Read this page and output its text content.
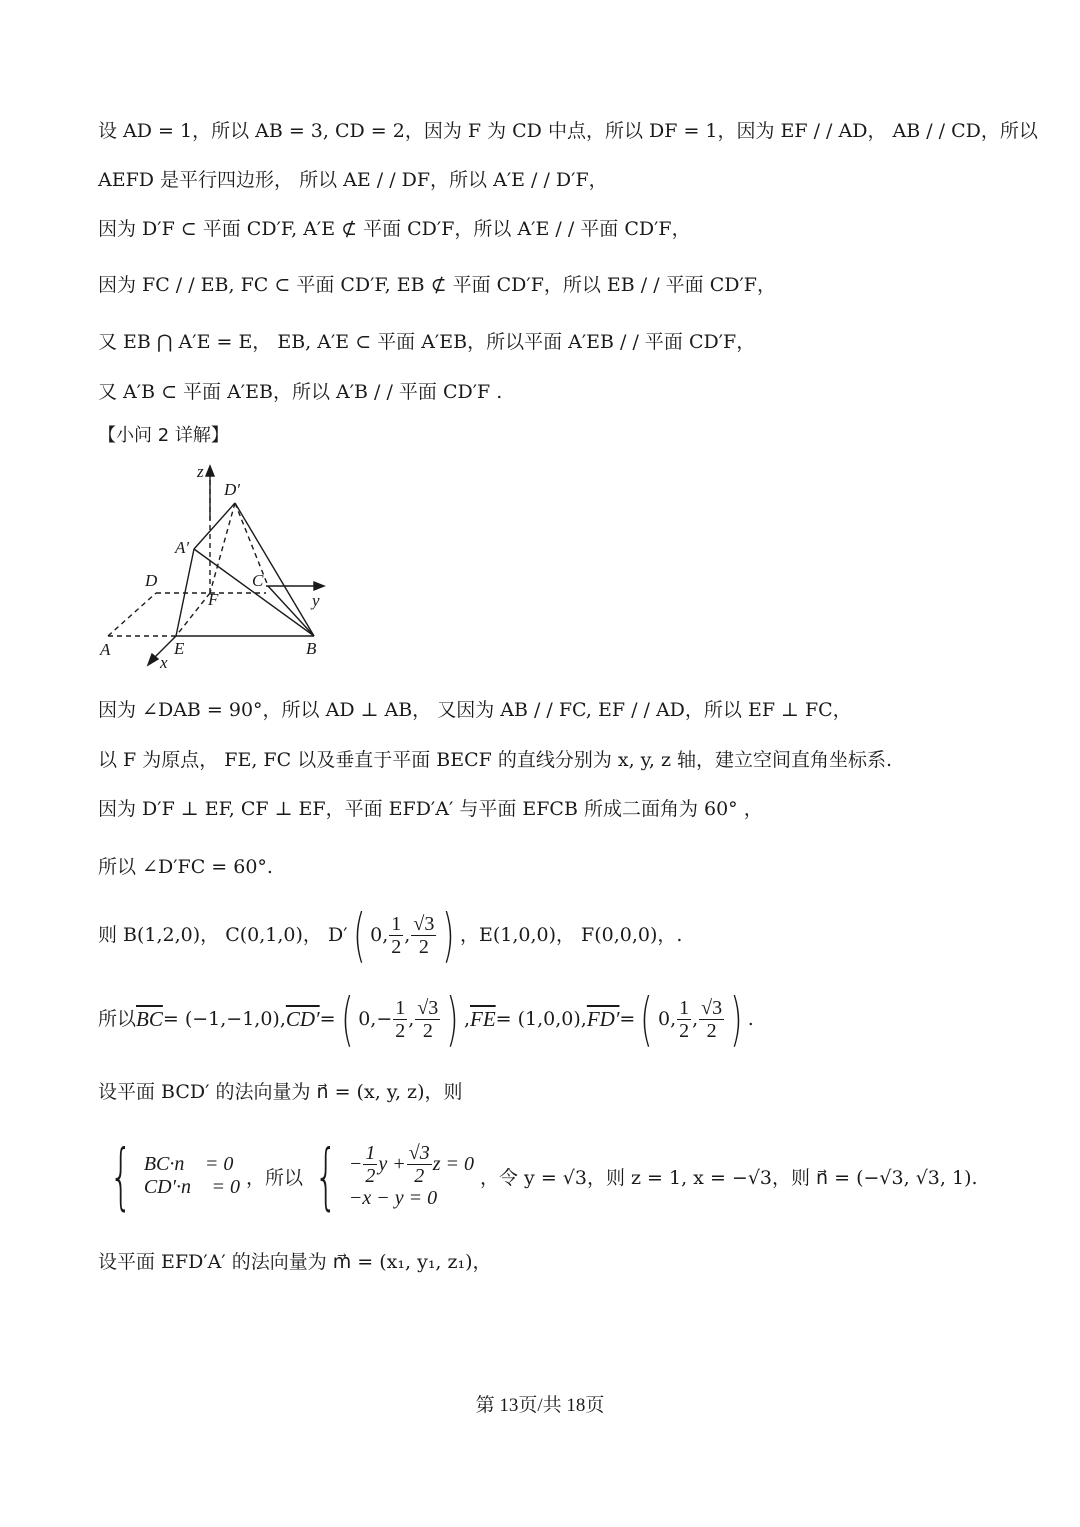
设 AD = 1，所以 AB = 3, CD = 2，因为 F 为 CD 中点，所以 DF = 1，因为 EF / / AD， AB / / CD，所以
AEFD 是平行四边形， 所以 AE / / DF，所以 A′E / / D′F，
因为 D′F ⊂ 平面 CD′F, A′E ⊄ 平面 CD′F，所以 A′E / / 平面 CD′F，
因为 FC / / EB, FC ⊂ 平面 CD′F, EB ⊄ 平面 CD′F，所以 EB / / 平面 CD′F，
又 EB ⋂ A′E = E， EB, A′E ⊂ 平面 A′EB，所以平面 A′EB / / 平面 CD′F，
又 A′B ⊂ 平面 A′EB，所以 A′B / / 平面 CD′F .
【小问 2 详解】
z
D′
A′
D	C
F	y
A	E	B
x
因为 ∠DAB = 90°，所以 AD ⊥ AB， 又因为 AB / / FC, EF / / AD，所以 EF ⊥ FC，
以 F 为原点， FE, FC 以及垂直于平面 BECF 的直线分别为 x, y, z 轴，建立空间直角坐标系.
因为 D′F ⊥ EF, CF ⊥ EF，平面 EFD′A′ 与平面 EFCB 所成二面角为 60° ，
所以 ∠D′FC = 60°.
则 B(1,2,0)， C(0,1,0)， D′ ( 0, $\frac{1}{2}$ , $\frac{√3}{2}$ ) ，E(1,0,0)， F(0,0,0)，.
所以 $\overline{BC} = (-1,-1,0)$, CD′ = ( $0,- \frac{1}{2}$ , $\frac{√3}{2}$ ) , $\overline{FE} = (1,0,0)$, FD′ = ( 0, $\frac{1}{2}$ , $\frac{√3}{2}$ ) .
设平面 BCD′ 的法向量为 n⃗ = (x, y, z)，则
{ BC·n⃗ = 0
CD′·n⃗ = 0 ，所以 { − $\frac{1}{2}$ $y + \frac{√3}{2}$ z = 0
−x − y = 0
，令 y = √3，则 z = 1, x = −√3，则 n⃗ = (−√3, √3, 1).
设平面 EFD′A′ 的法向量为 m⃗ = (x₁, y₁, z₁)，
第 13页/共 18页
